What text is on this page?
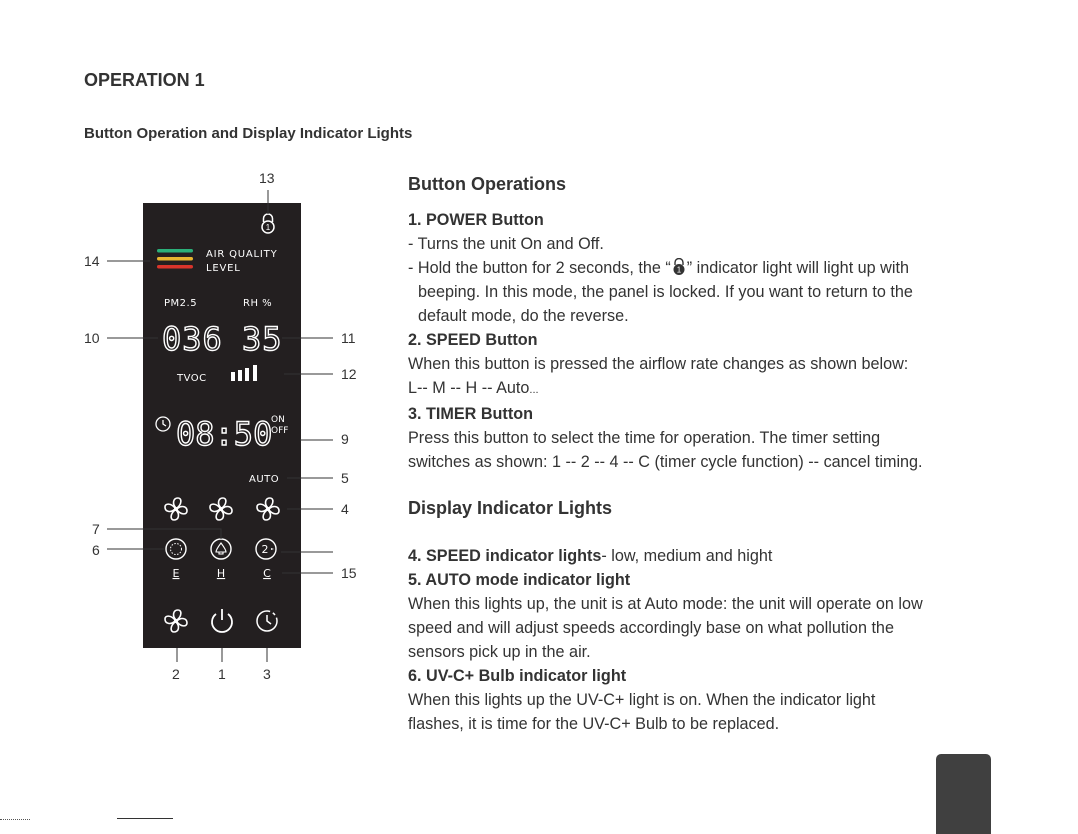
OPERATION 1
Button Operation and Display Indicator Lights
1
AIR QUALITY
LEVEL
PM2.5	RH %
036 35
TVOC
08:50
ON
OFF
AUTO
2
E	H	C
13
14
10	11
12
9
5
4
7
6
15
2	1	3
Button Operations
1. POWER Button
- Turns the unit On and Off.
- Hold the button for 2 seconds, the “ 1 ” indicator light will light up with
beeping. In this mode, the panel is locked. If you want to return to the
default mode, do the reverse.
2. SPEED Button
When this button is pressed the airflow rate changes as shown below:
L-- M -- H -- Auto...
3. TIMER Button
Press this button to select the time for operation. The timer setting
switches as shown: 1 -- 2 -- 4 -- C (timer cycle function) -- cancel timing.
Display Indicator Lights
4. SPEED indicator lights- low, medium and hight
5. AUTO mode indicator light
When this lights up, the unit is at Auto mode: the unit will operate on low
speed and will adjust speeds accordingly base on what pollution the
sensors pick up in the air.
6. UV-C+ Bulb indicator light
When this lights up the UV-C+ light is on. When the indicator light
flashes, it is time for the UV-C+ Bulb to be replaced.
